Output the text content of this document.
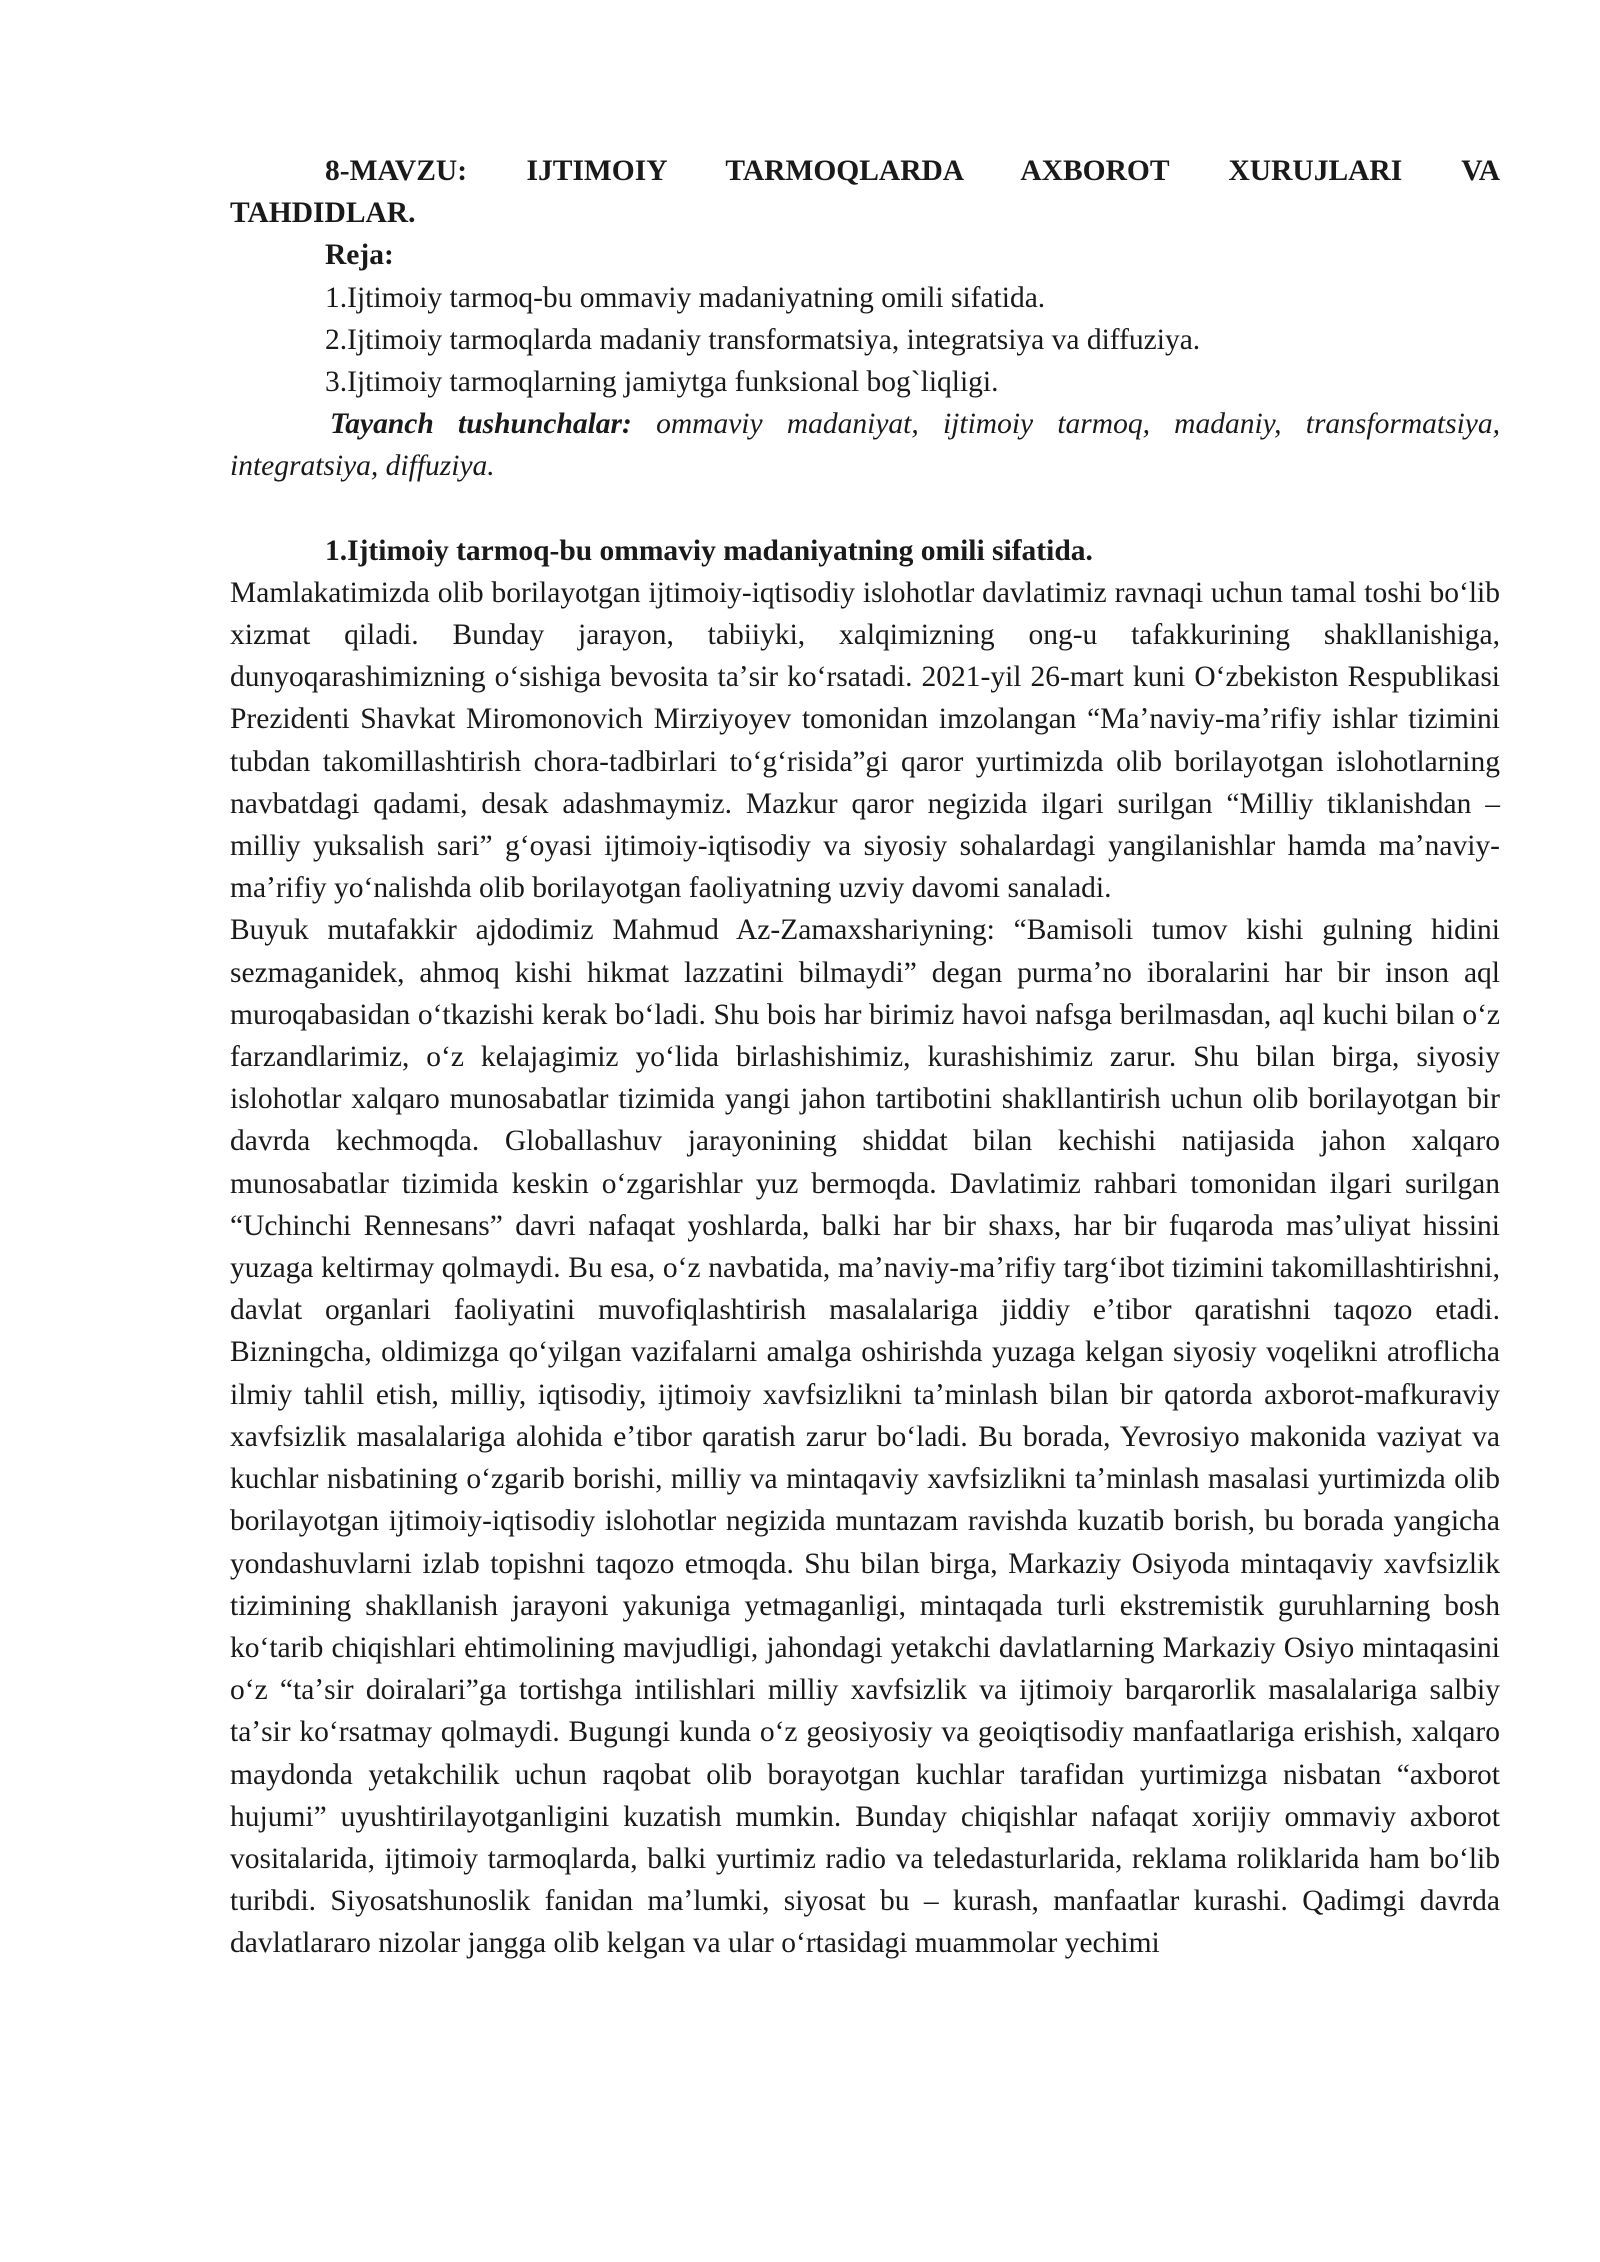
8-MAVZU: IJTIMOIY TARMOQLARDA AXBOROT XURUJLARI VA
TAHDIDLAR.

Reja:

1.Ijtimoiy tarmoq-bu ommaviy madaniyatning omili sifatida.

2.Ijtimoiy tarmoqlarda madaniy transformatsiya, integratsiya va diffuziya.

3.Ijtimoiy tarmoqlarning jamiytga funksional bog`liqligi.

Tayanch tushunchalar: ommaviy madaniyat, ijtimoiy tarmoq, madaniy, transformatsiya, integratsiya, diffuziya.

1.Ijtimoiy tarmoq-bu ommaviy madaniyatning omili sifatida.

Mamlakatimizda olib borilayotgan ijtimoiy-iqtisodiy islohotlar davlatimiz ravnaqi uchun tamal toshi boʻlib xizmat qiladi. Bunday jarayon, tabiiyki, xalqimizning ong-u tafakkurining shakllanishiga, dunyoqarashimizning oʻsishiga bevosita taʼsir koʻrsatadi. 2021-yil 26-mart kuni Oʻzbekiston Respublikasi Prezidenti Shavkat Miromonovich Mirziyoyev tomonidan imzolangan “Maʼnaviy-maʼrifiy ishlar tizimini tubdan takomillashtirish chora-tadbirlari toʻgʻrisida”gi qaror yurtimizda olib borilayotgan islohotlarning navbatdagi qadami, desak adashmaymiz. Mazkur qaror negizida ilgari surilgan “Milliy tiklanishdan – milliy yuksalish sari” gʻoyasi ijtimoiy-iqtisodiy va siyosiy sohalardagi yangilanishlar hamda maʼnaviy-maʼrifiy yoʻnalishda olib borilayotgan faoliyatning uzviy davomi sanaladi.

Buyuk mutafakkir ajdodimiz Mahmud Az-Zamaxshariyning: “Bamisoli tumov kishi gulning hidini sezmaganidek, ahmoq kishi hikmat lazzatini bilmaydi” degan purmaʼno iboralarini har bir inson aql muroqabasidan oʻtkazishi kerak boʻladi. Shu bois har birimiz havoi nafsga berilmasdan, aql kuchi bilan oʻz farzandlarimiz, oʻz kelajagimiz yoʻlida birlashishimiz, kurashishimiz zarur. Shu bilan birga, siyosiy islohotlar xalqaro munosabatlar tizimida yangi jahon tartibotini shakllantirish uchun olib borilayotgan bir davrda kechmoqda. Globallashuv jarayonining shiddat bilan kechishi natijasida jahon xalqaro munosabatlar tizimida keskin oʻzgarishlar yuz bermoqda. Davlatimiz rahbari tomonidan ilgari surilgan “Uchinchi Rennesans” davri nafaqat yoshlarda, balki har bir shaxs, har bir fuqaroda masʼuliyat hissini yuzaga keltirmay qolmaydi. Bu esa, oʻz navbatida, maʼnaviy-maʼrifiy targʻibot tizimini takomillashtirishni, davlat organlari faoliyatini muvofiqlashtirish masalalariga jiddiy eʼtibor qaratishni taqozo etadi. Bizningcha, oldimizga qoʻyilgan vazifalarni amalga oshirishda yuzaga kelgan siyosiy voqelikni atroflicha ilmiy tahlil etish, milliy, iqtisodiy, ijtimoiy xavfsizlikni taʼminlash bilan bir qatorda axborot-mafkuraviy xavfsizlik masalalariga alohida eʼtibor qaratish zarur boʻladi. Bu borada, Yevrosiyo makonida vaziyat va kuchlar nisbatining oʻzgarib borishi, milliy va mintaqaviy xavfsizlikni taʼminlash masalasi yurtimizda olib borilayotgan ijtimoiy-iqtisodiy islohotlar negizida muntazam ravishda kuzatib borish, bu borada yangicha yondashuvlarni izlab topishni taqozo etmoqda. Shu bilan birga, Markaziy Osiyoda mintaqaviy xavfsizlik tizimining shakllanish jarayoni yakuniga yetmaganligi, mintaqada turli ekstremistik guruhlarning bosh koʻtarib chiqishlari ehtimolining mavjudligi, jahondagi yetakchi davlatlarning Markaziy Osiyo mintaqasini oʻz “taʼsir doiralari”ga tortishga intilishlari milliy xavfsizlik va ijtimoiy barqarorlik masalalariga salbiy taʼsir koʻrsatmay qolmaydi. Bugungi kunda oʻz geosiyosiy va geoiqtisodiy manfaatlariga erishish, xalqaro maydonda yetakchilik uchun raqobat olib borayotgan kuchlar tarafidan yurtimizga nisbatan “axborot hujumi” uyushtirilayotganligini kuzatish mumkin. Bunday chiqishlar nafaqat xorijiy ommaviy axborot vositalarida, ijtimoiy tarmoqlarda, balki yurtimiz radio va teledasturlarida, reklama roliklarida ham boʻlib turibdi. Siyosatshunoslik fanidan maʼlumki, siyosat bu – kurash, manfaatlar kurashi. Qadimgi davrda davlatlararo nizolar jangga olib kelgan va ular oʻrtasidagi muammolar yechimi
